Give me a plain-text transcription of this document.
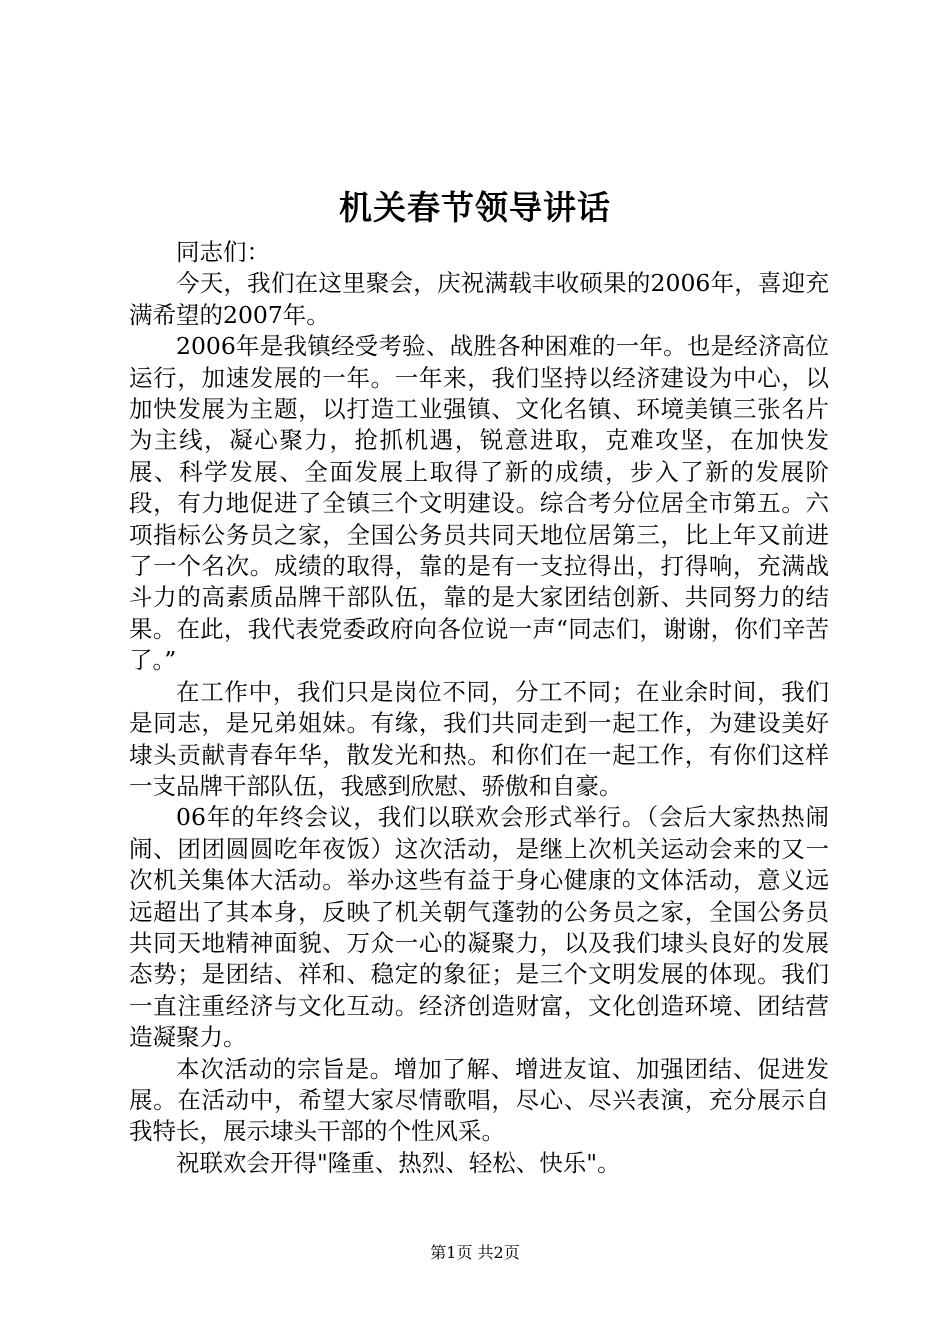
机关春节领导讲话

同志们：

今天，我们在这里聚会，庆祝满载丰收硕果的2006年，喜迎充满希望的2007年。

2006年是我镇经受考验、战胜各种困难的一年。也是经济高位运行，加速发展的一年。一年来，我们坚持以经济建设为中心，以加快发展为主题，以打造工业强镇、文化名镇、环境美镇三张名片为主线，凝心聚力，抢抓机遇，锐意进取，克难攻坚，在加快发展、科学发展、全面发展上取得了新的成绩，步入了新的发展阶段，有力地促进了全镇三个文明建设。综合考分位居全市第五。六项指标公务员之家，全国公务员共同天地位居第三，比上年又前进了一个名次。成绩的取得，靠的是有一支拉得出，打得响，充满战斗力的高素质品牌干部队伍，靠的是大家团结创新、共同努力的结果。在此，我代表党委政府向各位说一声“同志们，谢谢，你们辛苦了。”

在工作中，我们只是岗位不同，分工不同；在业余时间，我们是同志，是兄弟姐妹。有缘，我们共同走到一起工作，为建设美好埭头贡献青春年华，散发光和热。和你们在一起工作，有你们这样一支品牌干部队伍，我感到欣慰、骄傲和自豪。

06年的年终会议，我们以联欢会形式举行。（会后大家热热闹闹、团团圆圆吃年夜饭）这次活动，是继上次机关运动会来的又一次机关集体大活动。举办这些有益于身心健康的文体活动，意义远远超出了其本身，反映了机关朝气蓬勃的公务员之家，全国公务员共同天地精神面貌、万众一心的凝聚力，以及我们埭头良好的发展态势；是团结、祥和、稳定的象征；是三个文明发展的体现。我们一直注重经济与文化互动。经济创造财富，文化创造环境、团结营造凝聚力。

本次活动的宗旨是。增加了解、增进友谊、加强团结、促进发展。在活动中，希望大家尽情歌唱，尽心、尽兴表演，充分展示自我特长，展示埭头干部的个性风采。

祝联欢会开得"隆重、热烈、轻松、快乐"。

第1页 共2页
